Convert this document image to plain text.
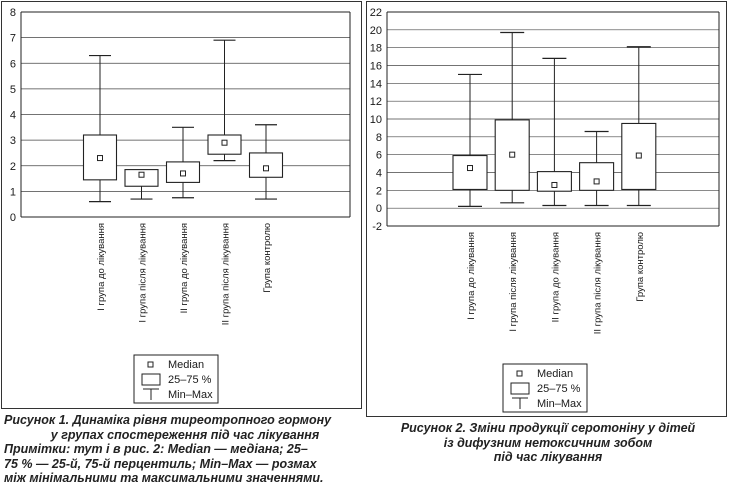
0
1
2
3
4
5
6
7
8
І група до лікування	І група після лікування	ІІ група до лікування	ІІ група після лікування	Група контролю
Median
25–75 %
Min–Max
-2
0
2
4
6
8
10
12
14
16
18
20
22
І група до лікування	І група після лікування	ІІ група до лікування	ІІ група після лікування	Група контролю
Median
25–75 %
Min–Max
Рисунок 1. Динаміка рівня тиреотропного гормону
у групах спостереження під час лікування
Примітки: тут і в рис. 2: Median — медіана; 25–
75 % — 25-й, 75-й перцентиль; Min–Max — розмах
між мінімальними та максимальними значеннями.
Рисунок 2. Зміни продукції серотоніну у дітей
із дифузним нетоксичним зобом
під час лікування
